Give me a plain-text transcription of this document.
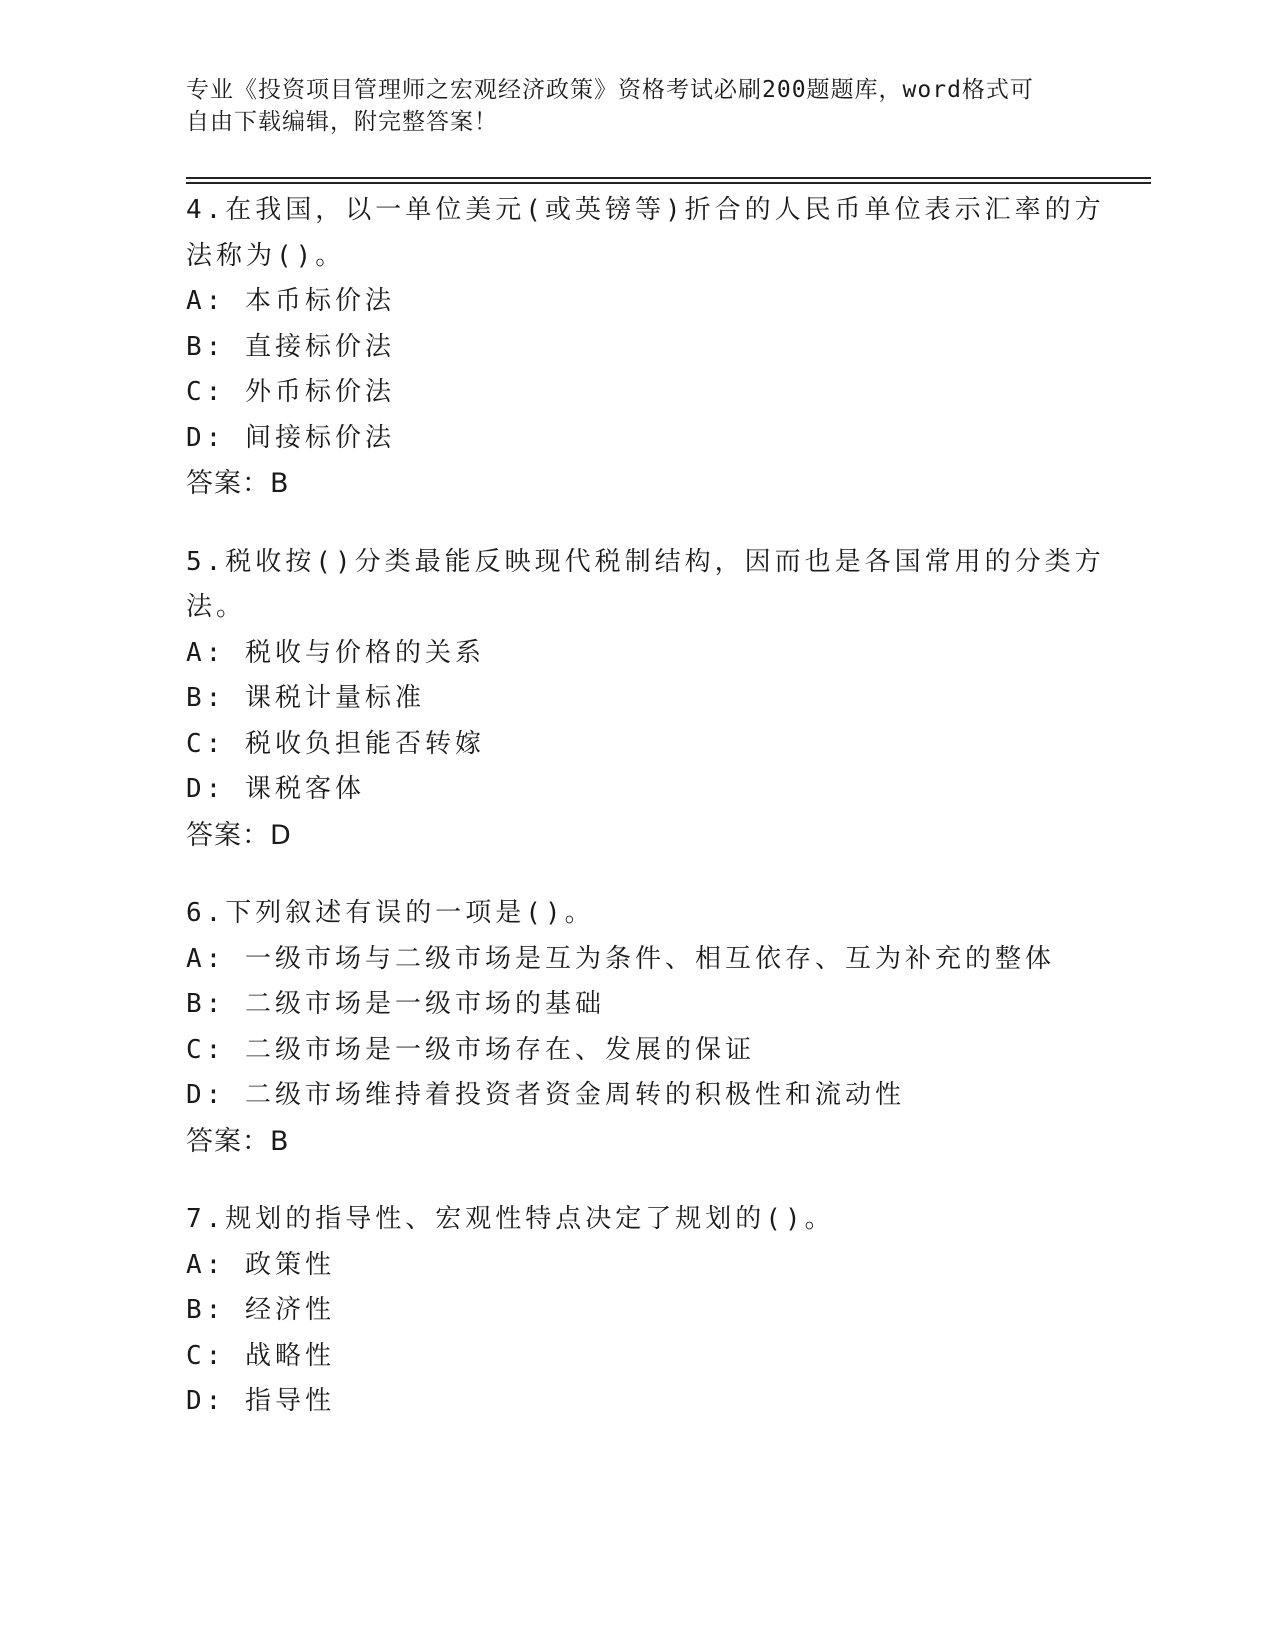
专业《投资项目管理师之宏观经济政策》资格考试必刷200题题库，word格式可
自由下载编辑，附完整答案！
4.在我国，以一单位美元(或英镑等)折合的人民币单位表示汇率的方
法称为()。
A: 本币标价法
B: 直接标价法
C: 外币标价法
D: 间接标价法
答案：B
5.税收按()分类最能反映现代税制结构，因而也是各国常用的分类方
法。
A: 税收与价格的关系
B: 课税计量标准
C: 税收负担能否转嫁
D: 课税客体
答案：D
6.下列叙述有误的一项是()。
A: 一级市场与二级市场是互为条件、相互依存、互为补充的整体
B: 二级市场是一级市场的基础
C: 二级市场是一级市场存在、发展的保证
D: 二级市场维持着投资者资金周转的积极性和流动性
答案：B
7.规划的指导性、宏观性特点决定了规划的()。
A: 政策性
B: 经济性
C: 战略性
D: 指导性
